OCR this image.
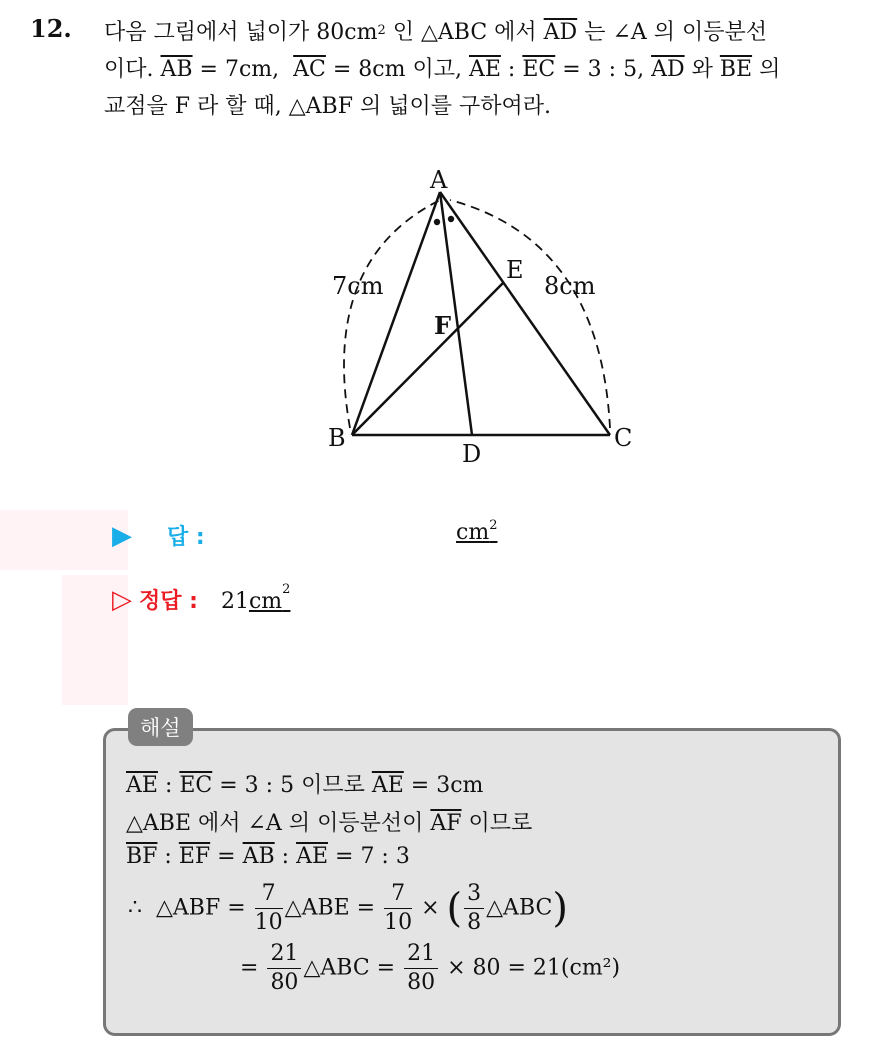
12. 다음 그림에서 넓이가 $80cm^2$ 인 △ABC 에서 $\overline{AD}$ 는 ∠A 의 이등분선
이다. $\overline{AB} = 7cm$,  $\overline{AC} = 8cm$ 이고, $\overline{AE}$ : $\overline{EC} = 3$ : 5, $\overline{AD}$ 와 $\overline{BE}$ 의
교점을 F 라 할 때, △ABF 의 넓이를 구하여라.
A
B	C
D
E
F
7cm	8cm
▶ 답 :	$cm^2$
▷ 정답 : $21cm^2$
해설
$\overline{AE}$ : $\overline{EC} = 3$ : 5 이므로 $\overline{AE} = 3cm$
△ABE 에서 ∠A 의 이등분선이 $\overline{AF}$ 이므로
$\overline{BF}$ : $\overline{EF} = \overline{AB}$ : $\overline{AE} = 7$ : 3
∴  △ABF = $\frac{7}{10}$ △ABE = $\frac{7}{10}$ × ( $\frac{3}{8}$ △ABC)
= $\frac{21}{80}$ △ABC = $\frac{21}{80} \times 80 = 21(cm^2)$
